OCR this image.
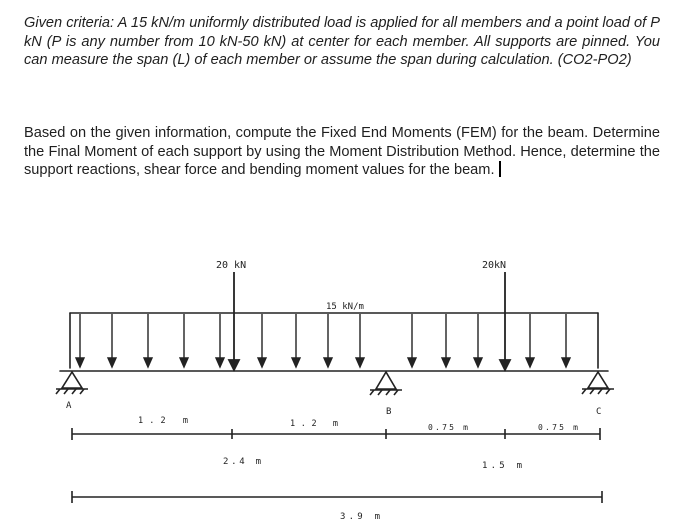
Given criteria: A 15 kN/m uniformly distributed load is applied for all members and a point load of P kN (P is any number from 10 kN-50 kN) at center for each member. All supports are pinned. You can measure the span (L) of each member or assume the span during calculation. (CO2-PO2)

Based on the given information, compute the Fixed End Moments (FEM) for the beam. Determine the Final Moment of each support by using the Moment Distribution Method. Hence, determine the support reactions, shear force and bending moment values for the beam.

20 kN	20kN
15 kN/m
A
B	C
1.2 m	1.2 m	0.75 m	0.75 m
2.4 m	1.5 m
3.9 m
